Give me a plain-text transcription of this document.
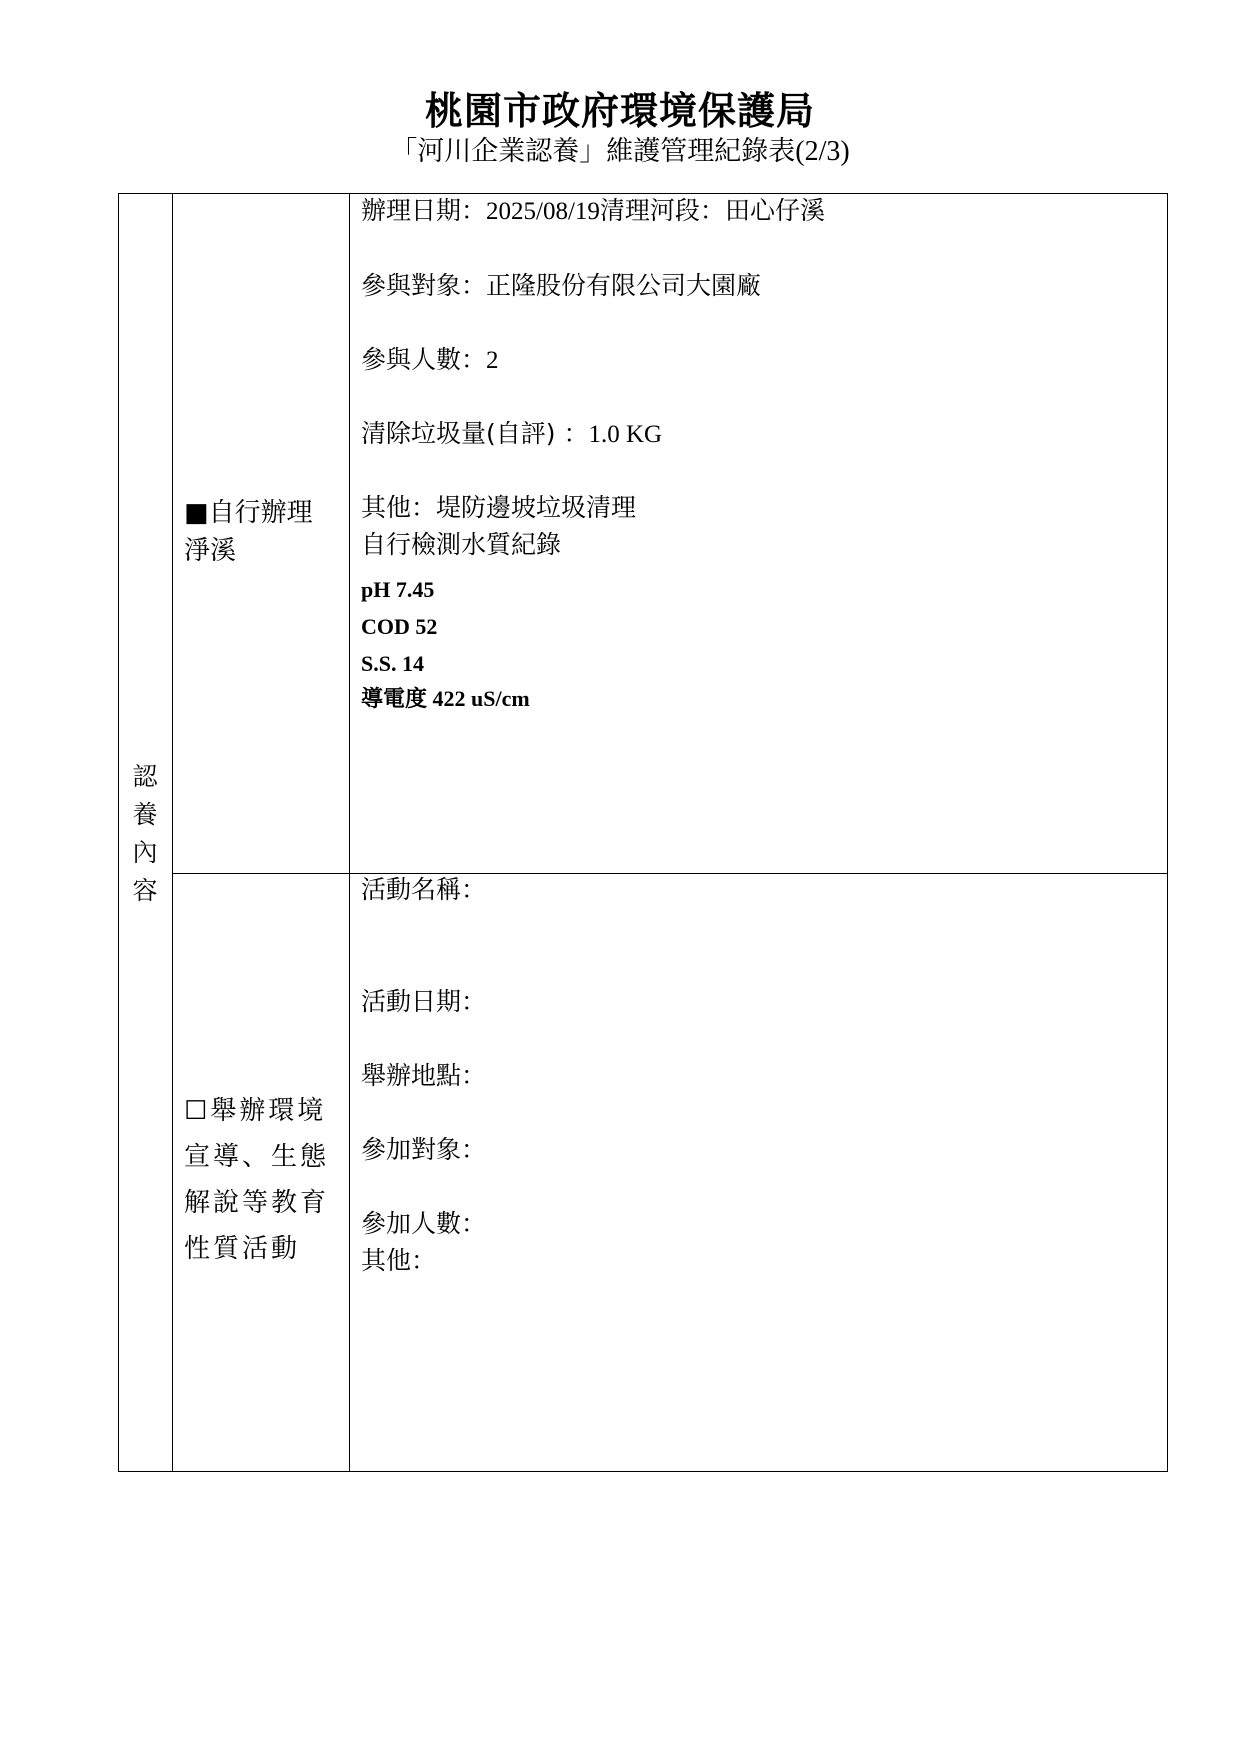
桃園市政府環境保護局
「河川企業認養」維護管理紀錄表(2/3)
認
養
內
容
■自行辦理
淨溪
辦理日期：2025/08/19清理河段：田心仔溪
參與對象：正隆股份有限公司大園廠
參與人數：2
清除垃圾量(自評) ：1.0 KG
其他：堤防邊坡垃圾清理
自行檢測水質紀錄
pH 7.45
COD 52
S.S. 14
導電度 422 uS/cm
☐舉辦環境
宣導、生態
解說等教育
性質活動
活動名稱：
活動日期：
舉辦地點：
參加對象：
參加人數：
其他：
